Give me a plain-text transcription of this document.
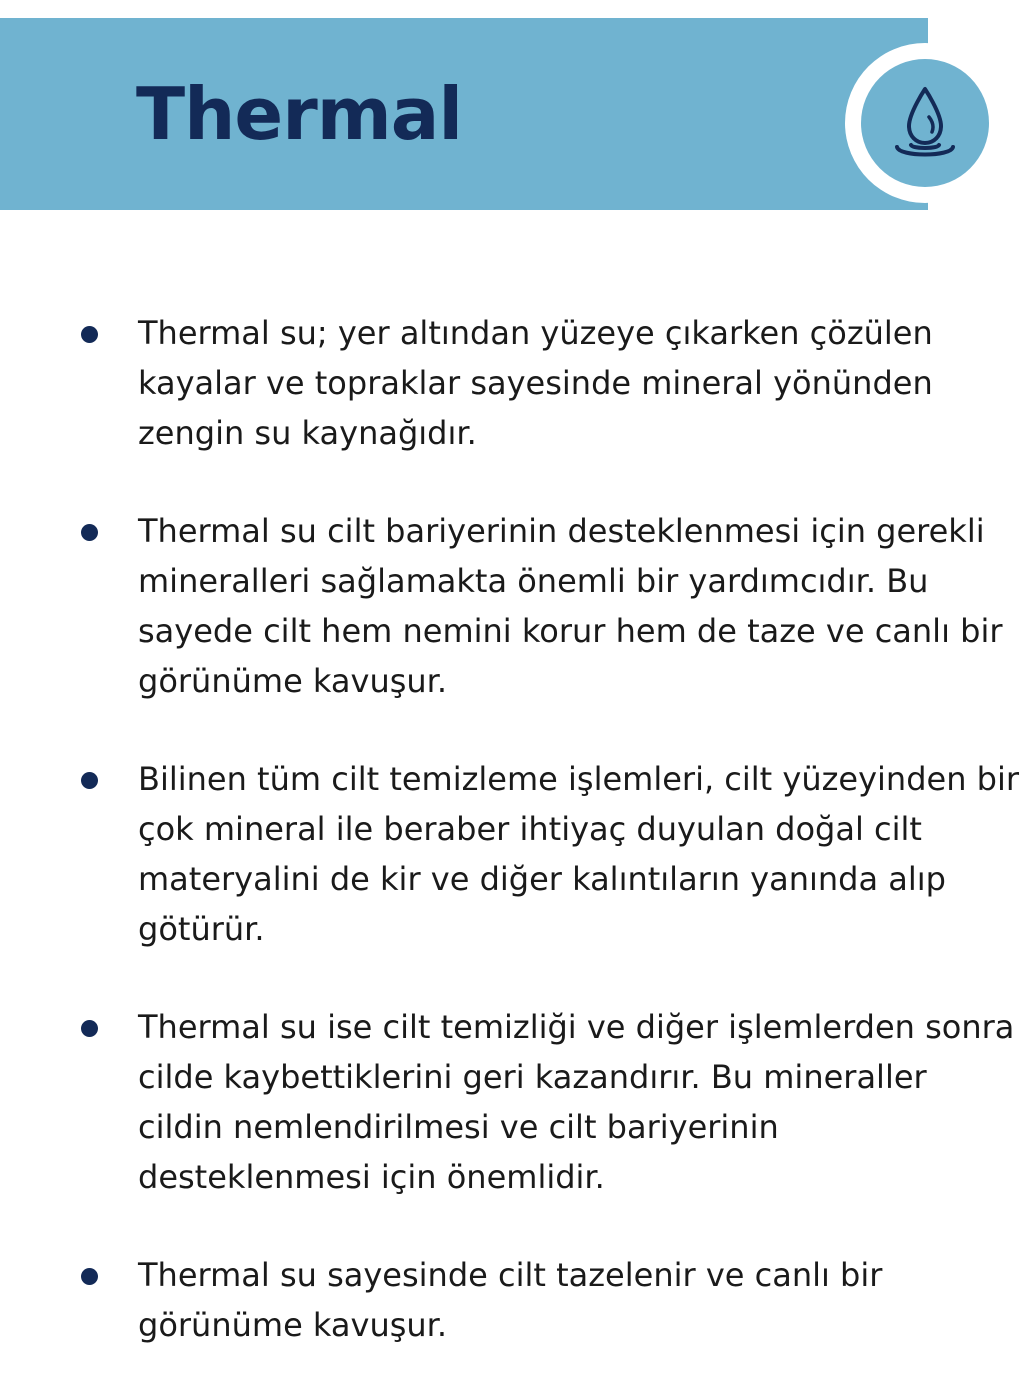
Thermal
Thermal su; yer altından yüzeye çıkarken çözülen kayalar ve topraklar sayesinde mineral yönünden zengin su kaynağıdır.
Thermal su cilt bariyerinin desteklenmesi için gerekli mineralleri sağlamakta önemli bir yardımcıdır. Bu sayede cilt hem nemini korur hem de taze ve canlı bir görünüme kavuşur.
Bilinen tüm cilt temizleme işlemleri, cilt yüzeyinden bir çok mineral ile beraber ihtiyaç duyulan doğal cilt materyalini de kir ve diğer kalıntıların yanında alıp götürür.
Thermal su ise cilt temizliği ve diğer işlemlerden sonra cilde kaybettiklerini geri kazandırır. Bu mineraller cildin nemlendirilmesi ve cilt bariyerinin desteklenmesi için önemlidir.
Thermal su sayesinde cilt tazelenir ve canlı bir görünüme kavuşur.
